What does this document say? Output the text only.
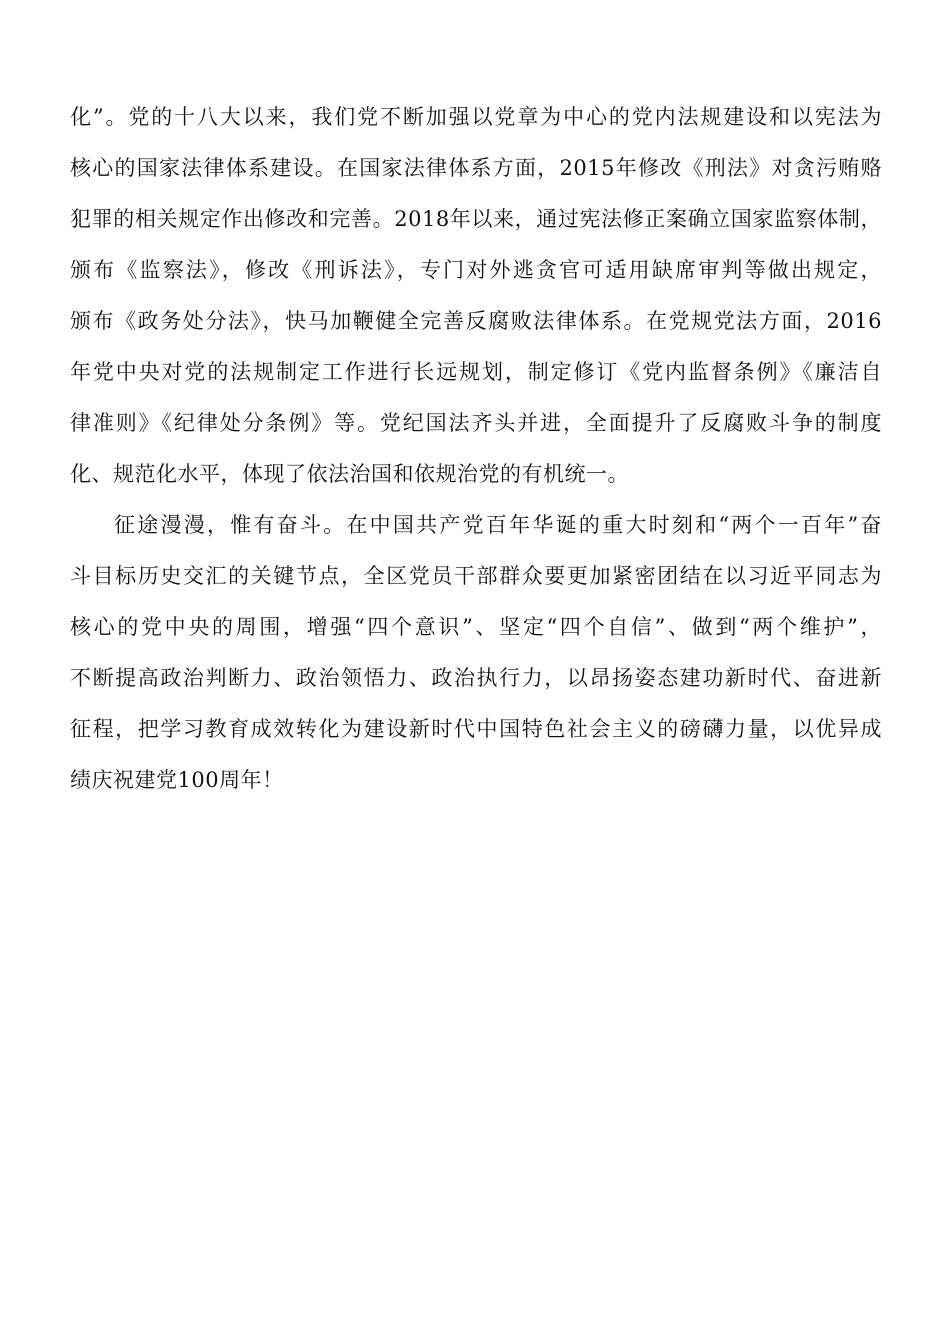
化”。党的十八大以来，我们党不断加强以党章为中心的党内法规建设和以宪法为
核心的国家法律体系建设。在国家法律体系方面，2015年修改《刑法》对贪污贿赂
犯罪的相关规定作出修改和完善。2018年以来，通过宪法修正案确立国家监察体制，
颁布《监察法》，修改《刑诉法》，专门对外逃贪官可适用缺席审判等做出规定，
颁布《政务处分法》，快马加鞭健全完善反腐败法律体系。在党规党法方面，2016
年党中央对党的法规制定工作进行长远规划，制定修订《党内监督条例》《廉洁自
律准则》《纪律处分条例》等。党纪国法齐头并进，全面提升了反腐败斗争的制度
化、规范化水平，体现了依法治国和依规治党的有机统一。
征途漫漫，惟有奋斗。在中国共产党百年华诞的重大时刻和“两个一百年”奋
斗目标历史交汇的关键节点，全区党员干部群众要更加紧密团结在以习近平同志为
核心的党中央的周围，增强“四个意识”、坚定“四个自信”、做到“两个维护”，
不断提高政治判断力、政治领悟力、政治执行力，以昂扬姿态建功新时代、奋进新
征程，把学习教育成效转化为建设新时代中国特色社会主义的磅礴力量，以优异成
绩庆祝建党100周年！
